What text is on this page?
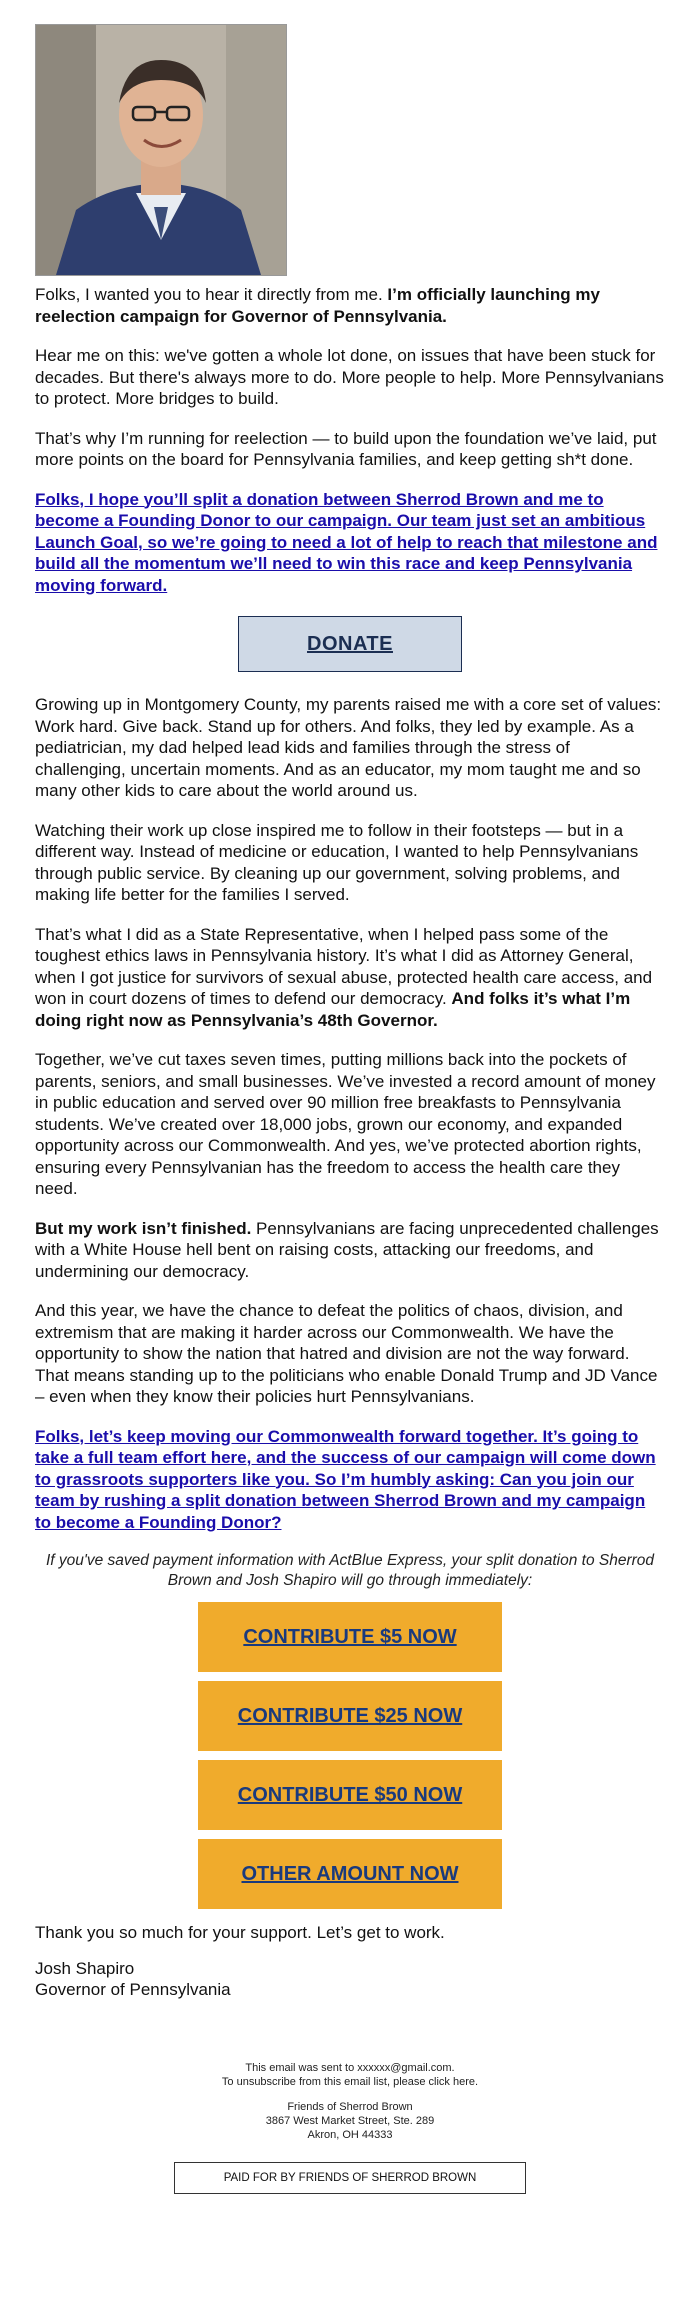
Folks, I wanted you to hear it directly from me. I’m officially launching my reelection campaign for Governor of Pennsylvania.

Hear me on this: we've gotten a whole lot done, on issues that have been stuck for decades. But there's always more to do. More people to help. More Pennsylvanians to protect. More bridges to build.

That’s why I’m running for reelection — to build upon the foundation we’ve laid, put more points on the board for Pennsylvania families, and keep getting sh*t done.

Folks, I hope you’ll split a donation between Sherrod Brown and me to become a Founding Donor to our campaign. Our team just set an ambitious Launch Goal, so we’re going to need a lot of help to reach that milestone and build all the momentum we’ll need to win this race and keep Pennsylvania moving forward.

DONATE

Growing up in Montgomery County, my parents raised me with a core set of values: Work hard. Give back. Stand up for others. And folks, they led by example. As a pediatrician, my dad helped lead kids and families through the stress of challenging, uncertain moments. And as an educator, my mom taught me and so many other kids to care about the world around us.

Watching their work up close inspired me to follow in their footsteps — but in a different way. Instead of medicine or education, I wanted to help Pennsylvanians through public service. By cleaning up our government, solving problems, and making life better for the families I served.

That’s what I did as a State Representative, when I helped pass some of the toughest ethics laws in Pennsylvania history. It’s what I did as Attorney General, when I got justice for survivors of sexual abuse, protected health care access, and won in court dozens of times to defend our democracy. And folks it’s what I’m doing right now as Pennsylvania’s 48th Governor.

Together, we’ve cut taxes seven times, putting millions back into the pockets of parents, seniors, and small businesses. We’ve invested a record amount of money in public education and served over 90 million free breakfasts to Pennsylvania students. We’ve created over 18,000 jobs, grown our economy, and expanded opportunity across our Commonwealth. And yes, we’ve protected abortion rights, ensuring every Pennsylvanian has the freedom to access the health care they need.

But my work isn’t finished. Pennsylvanians are facing unprecedented challenges with a White House hell bent on raising costs, attacking our freedoms, and undermining our democracy.

And this year, we have the chance to defeat the politics of chaos, division, and extremism that are making it harder across our Commonwealth. We have the opportunity to show the nation that hatred and division are not the way forward. That means standing up to the politicians who enable Donald Trump and JD Vance – even when they know their policies hurt Pennsylvanians.

Folks, let’s keep moving our Commonwealth forward together. It’s going to take a full team effort here, and the success of our campaign will come down to grassroots supporters like you. So I’m humbly asking: Can you join our team by rushing a split donation between Sherrod Brown and my campaign to become a Founding Donor?

If you've saved payment information with ActBlue Express, your split donation to Sherrod Brown and Josh Shapiro will go through immediately:

CONTRIBUTE $5 NOW
CONTRIBUTE $25 NOW
CONTRIBUTE $50 NOW
OTHER AMOUNT NOW

Thank you so much for your support. Let’s get to work.

Josh Shapiro
Governor of Pennsylvania

This email was sent to xxxxxx@gmail.com.
To unsubscribe from this email list, please click here.
Friends of Sherrod Brown
3867 West Market Street, Ste. 289
Akron, OH 44333
PAID FOR BY FRIENDS OF SHERROD BROWN
